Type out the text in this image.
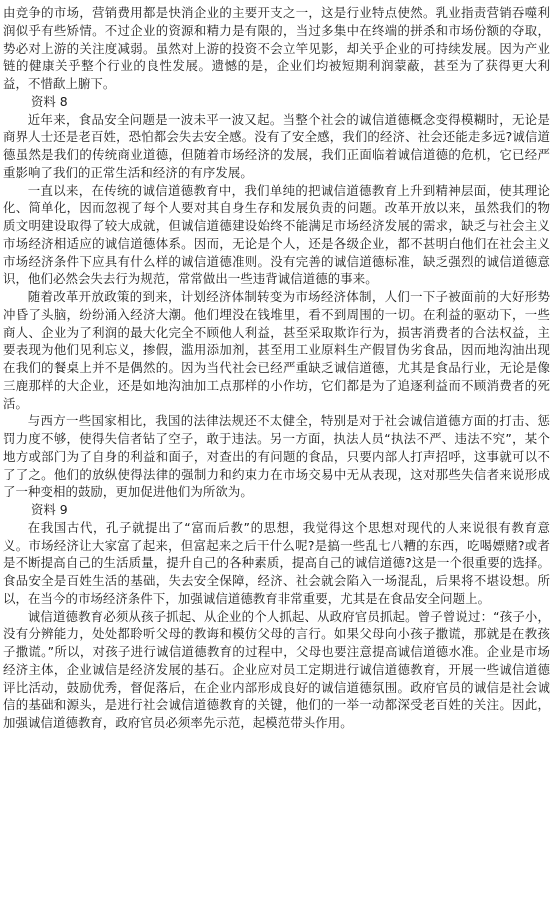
由竞争的市场，营销费用都是快消企业的主要开支之一，这是行业特点使然。乳业指责营销吞噬利润似乎有些矫情。不过企业的资源和精力是有限的，当过多集中在终端的拼杀和市场份额的夺取，势必对上游的关注度减弱。虽然对上游的投资不会立竿见影，却关乎企业的可持续发展。因为产业链的健康关乎整个行业的良性发展。遗憾的是，企业们均被短期利润蒙蔽，甚至为了获得更大利益，不惜歃上腑下。

资料 8

近年来，食品安全问题是一波未平一波又起。当整个社会的诚信道德概念变得模糊时，无论是商界人士还是老百姓，恐怕都会失去安全感。没有了安全感，我们的经济、社会还能走多远?诚信道德虽然是我们的传统商业道德，但随着市场经济的发展，我们正面临着诚信道德的危机，它已经严重影响了我们的正常生活和经济的有序发展。

一直以来，在传统的诚信道德教育中，我们单纯的把诚信道德教育上升到精神层面，使其理论化、简单化，因而忽视了每个人要对其自身生存和发展负责的问题。改革开放以来，虽然我们的物质文明建设取得了较大成就，但诚信道德建设始终不能满足市场经济发展的需求，缺乏与社会主义市场经济相适应的诚信道德体系。因而，无论是个人，还是各级企业，都不甚明白他们在社会主义市场经济条件下应具有什么样的诚信道德准则。没有完善的诚信道德标准，缺乏强烈的诚信道德意识，他们必然会失去行为规范，常常做出一些违背诚信道德的事来。

随着改革开放政策的到来，计划经济体制转变为市场经济体制，人们一下子被面前的大好形势冲昏了头脑，纷纷涌入经济大潮。他们埋没在钱堆里，看不到周围的一切。在利益的驱动下，一些商人、企业为了利润的最大化完全不顾他人利益，甚至采取欺诈行为，损害消费者的合法权益，主要表现为他们见利忘义，掺假，滥用添加剂，甚至用工业原料生产假冒伪劣食品，因而地沟油出现在我们的餐桌上并不是偶然的。因为当代社会已经严重缺乏诚信道德，尤其是食品行业，无论是像三鹿那样的大企业，还是如地沟油加工点那样的小作坊，它们都是为了追逐利益而不顾消费者的死活。

与西方一些国家相比，我国的法律法规还不太健全，特别是对于社会诚信道德方面的打击、惩罚力度不够，使得失信者钻了空子，敢于违法。另一方面，执法人员“执法不严、违法不究”，某个地方或部门为了自身的利益和面子，对查出的有问题的食品，只要内部人打声招呼，这事就可以不了了之。他们的放纵使得法律的强制力和约束力在市场交易中无从表现，这对那些失信者来说形成了一种变相的鼓励，更加促进他们为所欲为。

资料 9

在我国古代，孔子就提出了“富而后教”的思想，我觉得这个思想对现代的人来说很有教育意义。市场经济让大家富了起来，但富起来之后干什么呢?是搞一些乱七八糟的东西，吃喝嫖赌?或者是不断提高自己的生活质量，提升自己的各种素质，提高自己的诚信道德?这是一个很重要的选择。食品安全是百姓生活的基础，失去安全保障，经济、社会就会陷入一场混乱，后果将不堪设想。所以，在当今的市场经济条件下，加强诚信道德教育非常重要，尤其是在食品安全问题上。

诚信道德教育必须从孩子抓起、从企业的个人抓起、从政府官员抓起。曾子曾说过：“孩子小，没有分辨能力，处处都聆听父母的教诲和模仿父母的言行。如果父母向小孩子撒谎，那就是在教孩子撒谎。”所以，对孩子进行诚信道德教育的过程中，父母也要注意提高诚信道德水准。企业是市场经济主体，企业诚信是经济发展的基石。企业应对员工定期进行诚信道德教育，开展一些诚信道德评比活动，鼓励优秀，督促落后，在企业内部形成良好的诚信道德氛围。政府官员的诚信是社会诚信的基础和源头，是进行社会诚信道德教育的关键，他们的一举一动都深受老百姓的关注。因此，加强诚信道德教育，政府官员必须率先示范，起模范带头作用。
